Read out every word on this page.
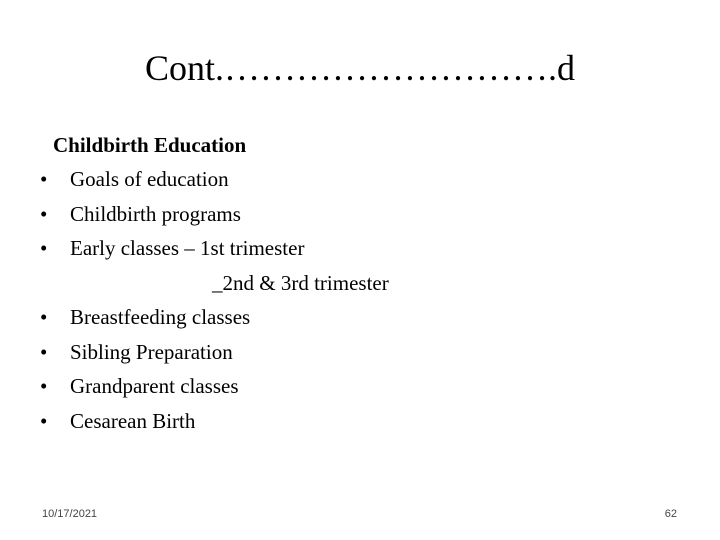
Cont.……………………….d
Childbirth Education
• Goals of education
• Childbirth programs
• Early classes – 1st trimester
_2nd & 3rd trimester
• Breastfeeding classes
• Sibling Preparation
• Grandparent classes
• Cesarean Birth
10/17/2021	62
